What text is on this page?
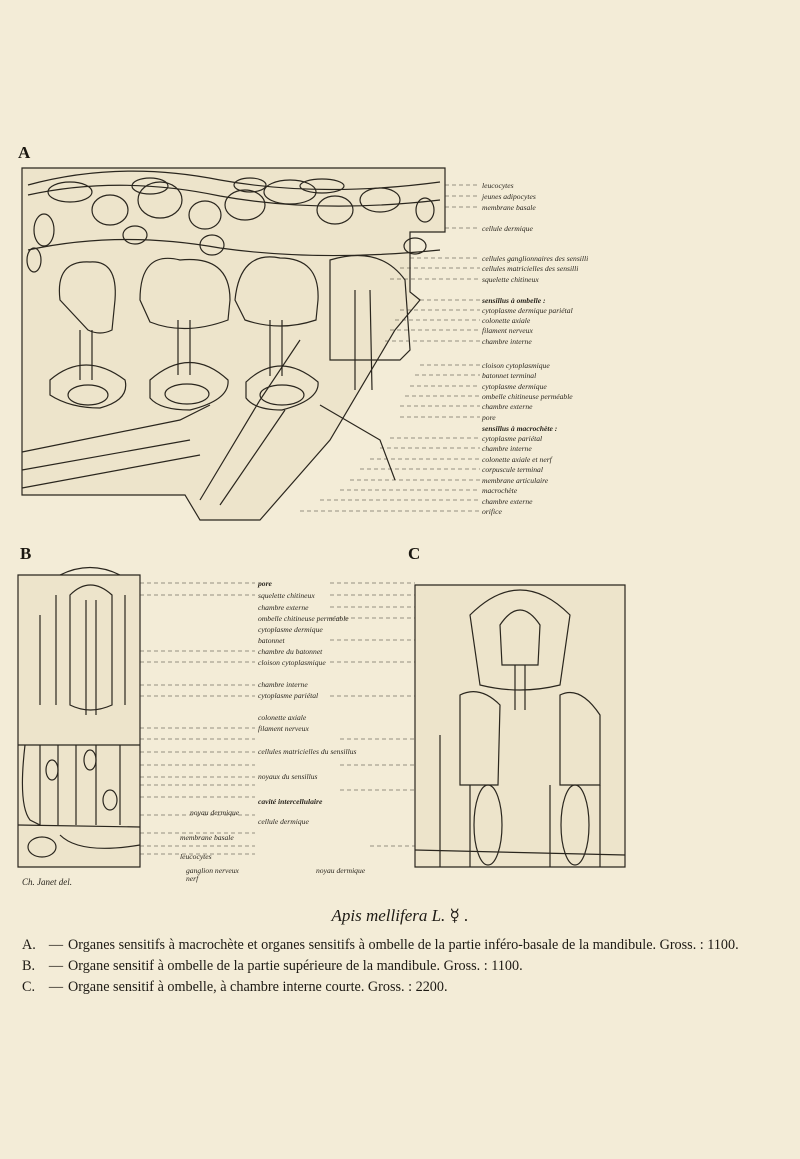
A
B	C
leucocytes
jeunes adipocytes
membrane basale
cellule dermique
cellules ganglionnaires des sensilli
cellules matricielles des sensilli
squelette chitineux
sensillus à ombelle :
cytoplasme dermique pariétal
colonette axiale
filament nerveux
chambre interne
cloison cytoplasmique
batonnet terminal
cytoplasme dermique
ombelle chitineuse perméable
chambre externe
pore
sensillus à macrochète :
cytoplasme pariétal
chambre interne
colonette axiale et nerf
corpuscule terminal
membrane articulaire
macrochète
chambre externe
orifice
pore
squelette chitineux
chambre externe
ombelle chitineuse perméable
cytoplasme dermique
batonnet
chambre du batonnet
cloison cytoplasmique
chambre interne
cytoplasme pariétal
colonette axiale
filament nerveux
cellules matricielles du sensillus
noyaux du sensillus
cavité intercellulaire
noyau dermique
cellule dermique
membrane basale
leucocytes
ganglion nerveux
nerf
noyau dermique
Ch. Janet del.
Apis mellifera L. ☿ .
A. — Organes sensitifs à macrochète et organes sensitifs à ombelle de la partie inféro-basale de la mandibule. Gross. : 1100.
B. — Organe sensitif à ombelle de la partie supérieure de la mandibule. Gross. : 1100.
C. — Organe sensitif à ombelle, à chambre interne courte. Gross. : 2200.
